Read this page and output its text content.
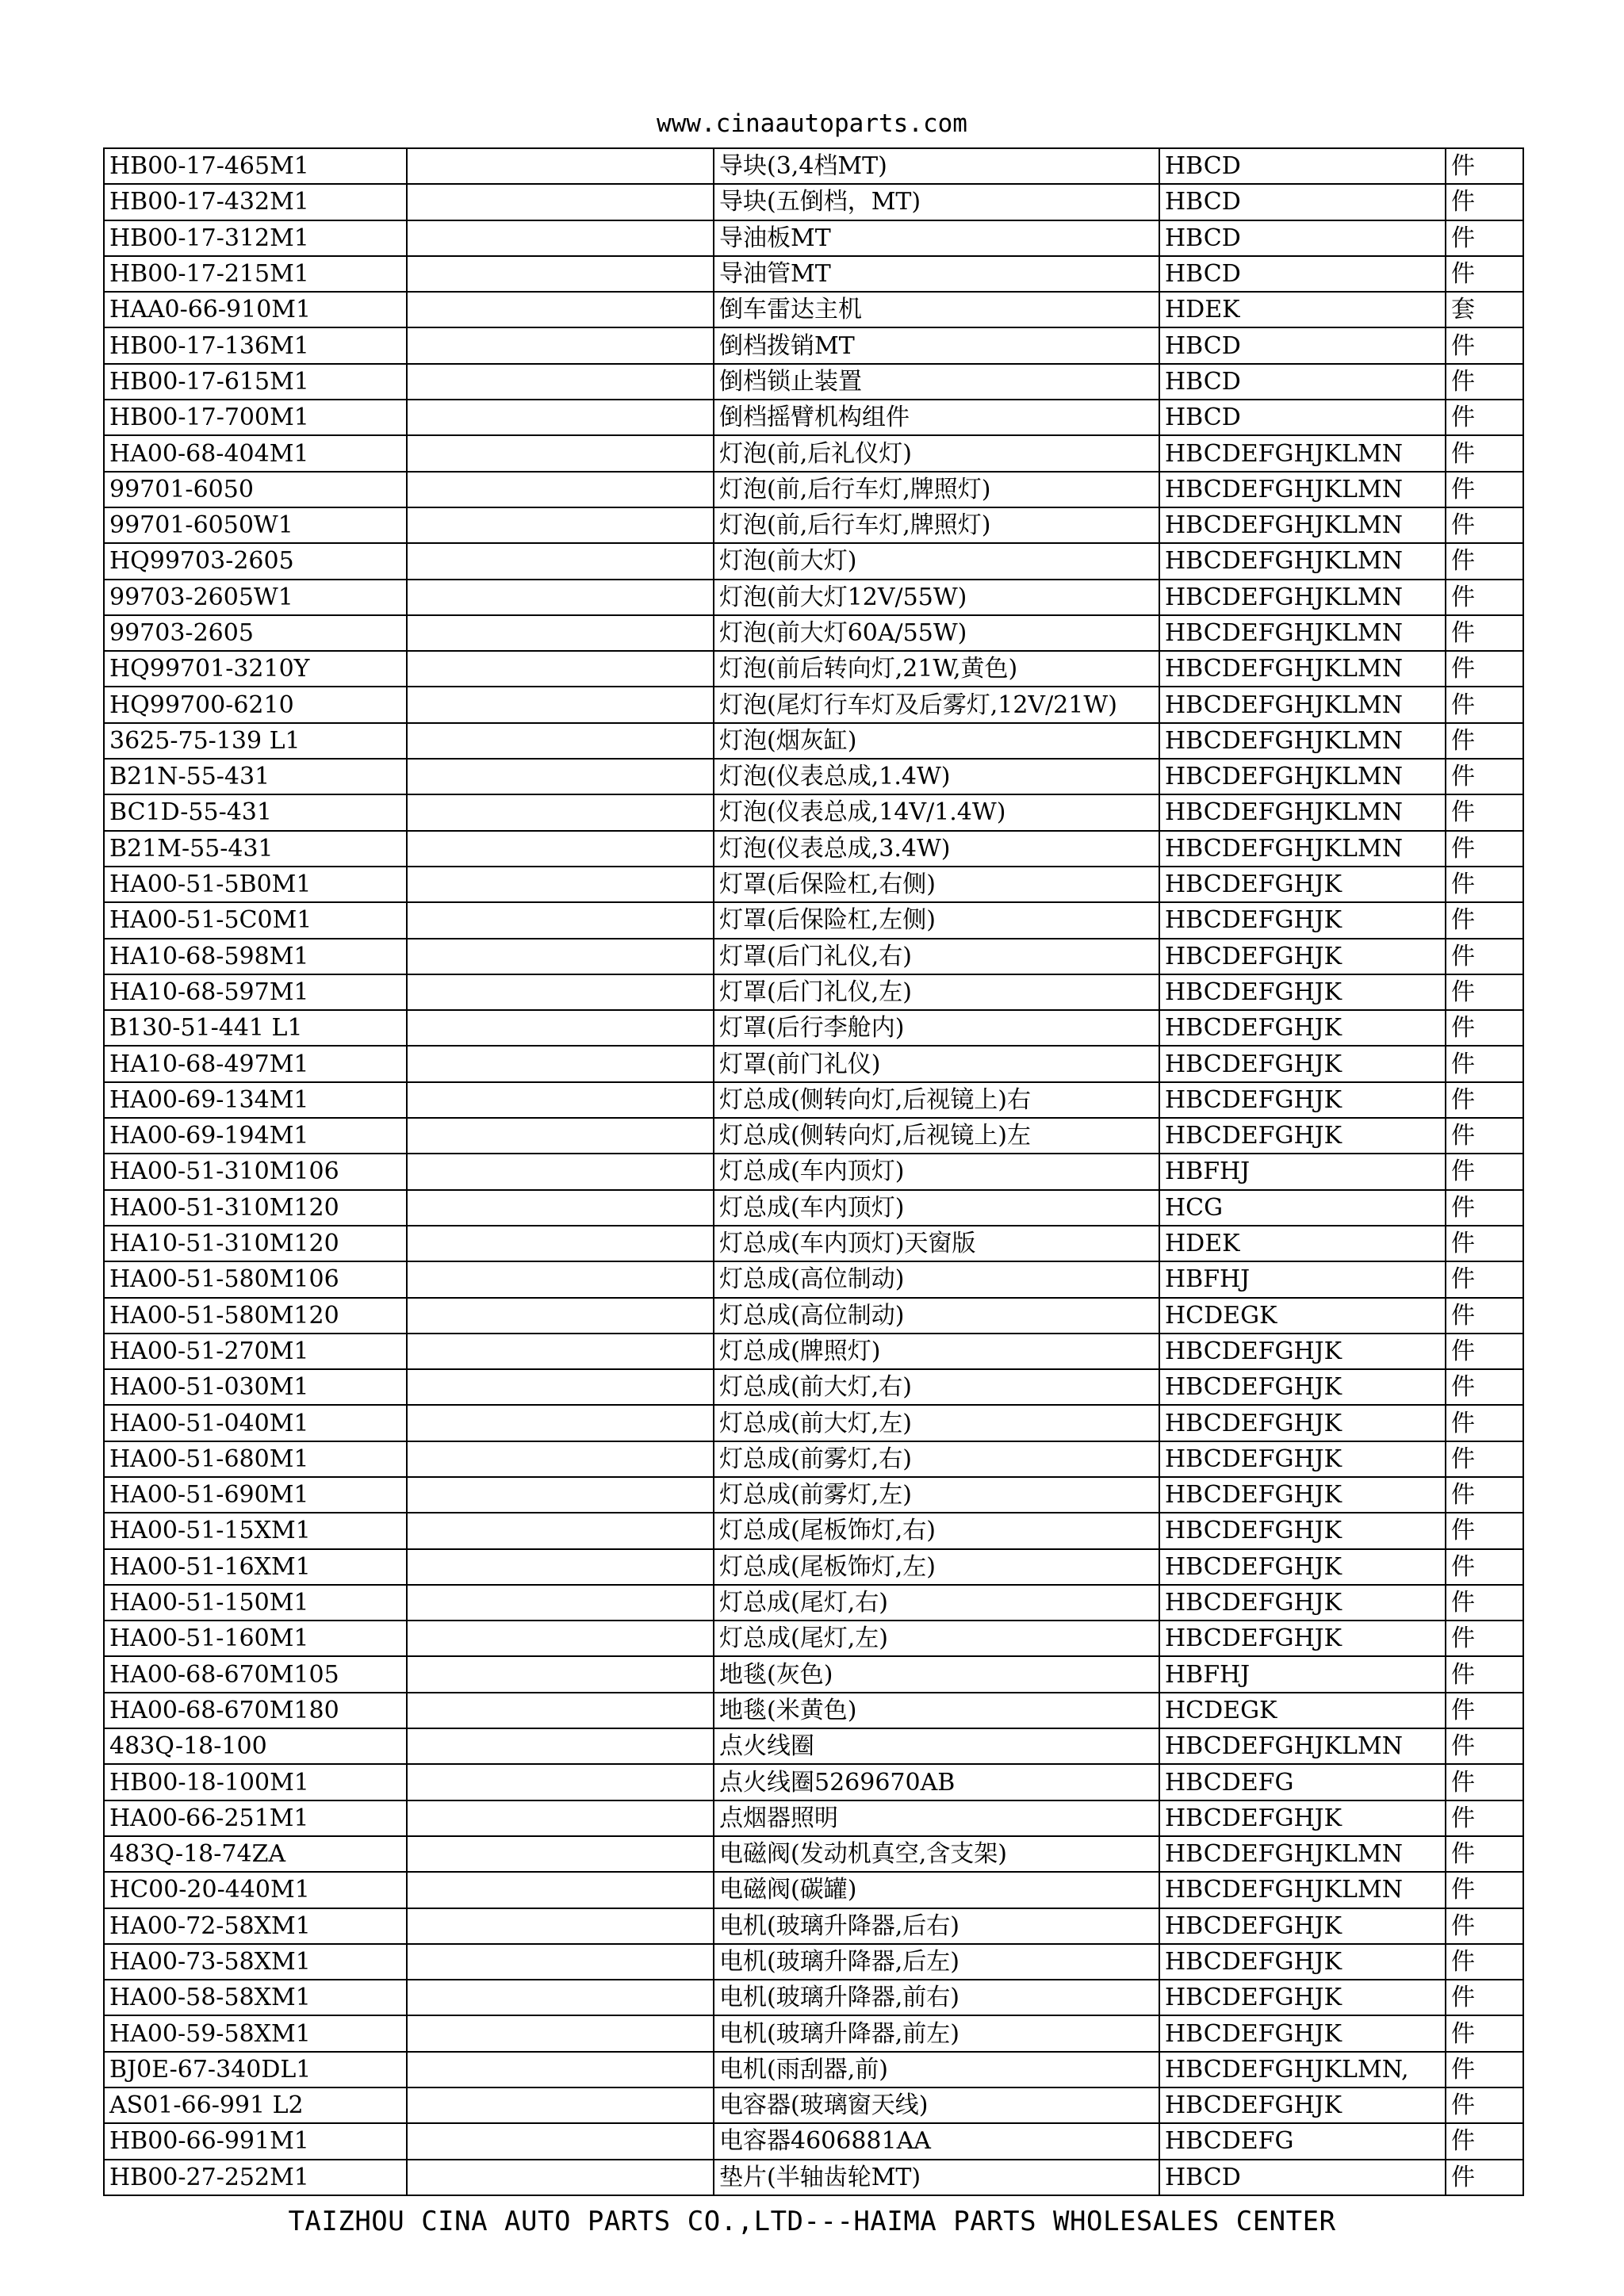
www.cinaautoparts.com
HB00-17-465M1		导块(3,4档MT)	HBCD	件
HB00-17-432M1		导块(五倒档，MT)	HBCD	件
HB00-17-312M1		导油板MT	HBCD	件
HB00-17-215M1		导油管MT	HBCD	件
HAA0-66-910M1		倒车雷达主机	HDEK	套
HB00-17-136M1		倒档拨销MT	HBCD	件
HB00-17-615M1		倒档锁止装置	HBCD	件
HB00-17-700M1		倒档摇臂机构组件	HBCD	件
HA00-68-404M1		灯泡(前,后礼仪灯)	HBCDEFGHJKLMN	件
99701-6050		灯泡(前,后行车灯,牌照灯)	HBCDEFGHJKLMN	件
99701-6050W1		灯泡(前,后行车灯,牌照灯)	HBCDEFGHJKLMN	件
HQ99703-2605		灯泡(前大灯)	HBCDEFGHJKLMN	件
99703-2605W1		灯泡(前大灯12V/55W)	HBCDEFGHJKLMN	件
99703-2605		灯泡(前大灯60A/55W)	HBCDEFGHJKLMN	件
HQ99701-3210Y		灯泡(前后转向灯,21W,黄色)	HBCDEFGHJKLMN	件
HQ99700-6210		灯泡(尾灯行车灯及后雾灯,12V/21W)	HBCDEFGHJKLMN	件
3625-75-139 L1		灯泡(烟灰缸)	HBCDEFGHJKLMN	件
B21N-55-431		灯泡(仪表总成,1.4W)	HBCDEFGHJKLMN	件
BC1D-55-431		灯泡(仪表总成,14V/1.4W)	HBCDEFGHJKLMN	件
B21M-55-431		灯泡(仪表总成,3.4W)	HBCDEFGHJKLMN	件
HA00-51-5B0M1		灯罩(后保险杠,右侧)	HBCDEFGHJK	件
HA00-51-5C0M1		灯罩(后保险杠,左侧)	HBCDEFGHJK	件
HA10-68-598M1		灯罩(后门礼仪,右)	HBCDEFGHJK	件
HA10-68-597M1		灯罩(后门礼仪,左)	HBCDEFGHJK	件
B130-51-441 L1		灯罩(后行李舱内)	HBCDEFGHJK	件
HA10-68-497M1		灯罩(前门礼仪)	HBCDEFGHJK	件
HA00-69-134M1		灯总成(侧转向灯,后视镜上)右	HBCDEFGHJK	件
HA00-69-194M1		灯总成(侧转向灯,后视镜上)左	HBCDEFGHJK	件
HA00-51-310M106		灯总成(车内顶灯)	HBFHJ	件
HA00-51-310M120		灯总成(车内顶灯)	HCG	件
HA10-51-310M120		灯总成(车内顶灯)天窗版	HDEK	件
HA00-51-580M106		灯总成(高位制动)	HBFHJ	件
HA00-51-580M120		灯总成(高位制动)	HCDEGK	件
HA00-51-270M1		灯总成(牌照灯)	HBCDEFGHJK	件
HA00-51-030M1		灯总成(前大灯,右)	HBCDEFGHJK	件
HA00-51-040M1		灯总成(前大灯,左)	HBCDEFGHJK	件
HA00-51-680M1		灯总成(前雾灯,右)	HBCDEFGHJK	件
HA00-51-690M1		灯总成(前雾灯,左)	HBCDEFGHJK	件
HA00-51-15XM1		灯总成(尾板饰灯,右)	HBCDEFGHJK	件
HA00-51-16XM1		灯总成(尾板饰灯,左)	HBCDEFGHJK	件
HA00-51-150M1		灯总成(尾灯,右)	HBCDEFGHJK	件
HA00-51-160M1		灯总成(尾灯,左)	HBCDEFGHJK	件
HA00-68-670M105		地毯(灰色)	HBFHJ	件
HA00-68-670M180		地毯(米黄色)	HCDEGK	件
483Q-18-100		点火线圈	HBCDEFGHJKLMN	件
HB00-18-100M1		点火线圈5269670AB	HBCDEFG	件
HA00-66-251M1		点烟器照明	HBCDEFGHJK	件
483Q-18-74ZA		电磁阀(发动机真空,含支架)	HBCDEFGHJKLMN	件
HC00-20-440M1		电磁阀(碳罐)	HBCDEFGHJKLMN	件
HA00-72-58XM1		电机(玻璃升降器,后右)	HBCDEFGHJK	件
HA00-73-58XM1		电机(玻璃升降器,后左)	HBCDEFGHJK	件
HA00-58-58XM1		电机(玻璃升降器,前右)	HBCDEFGHJK	件
HA00-59-58XM1		电机(玻璃升降器,前左)	HBCDEFGHJK	件
BJ0E-67-340DL1		电机(雨刮器,前)	HBCDEFGHJKLMN,	件
AS01-66-991 L2		电容器(玻璃窗天线)	HBCDEFGHJK	件
HB00-66-991M1		电容器4606881AA	HBCDEFG	件
HB00-27-252M1		垫片(半轴齿轮MT)	HBCD	件
TAIZHOU CINA AUTO PARTS CO.,LTD---HAIMA PARTS WHOLESALES CENTER
